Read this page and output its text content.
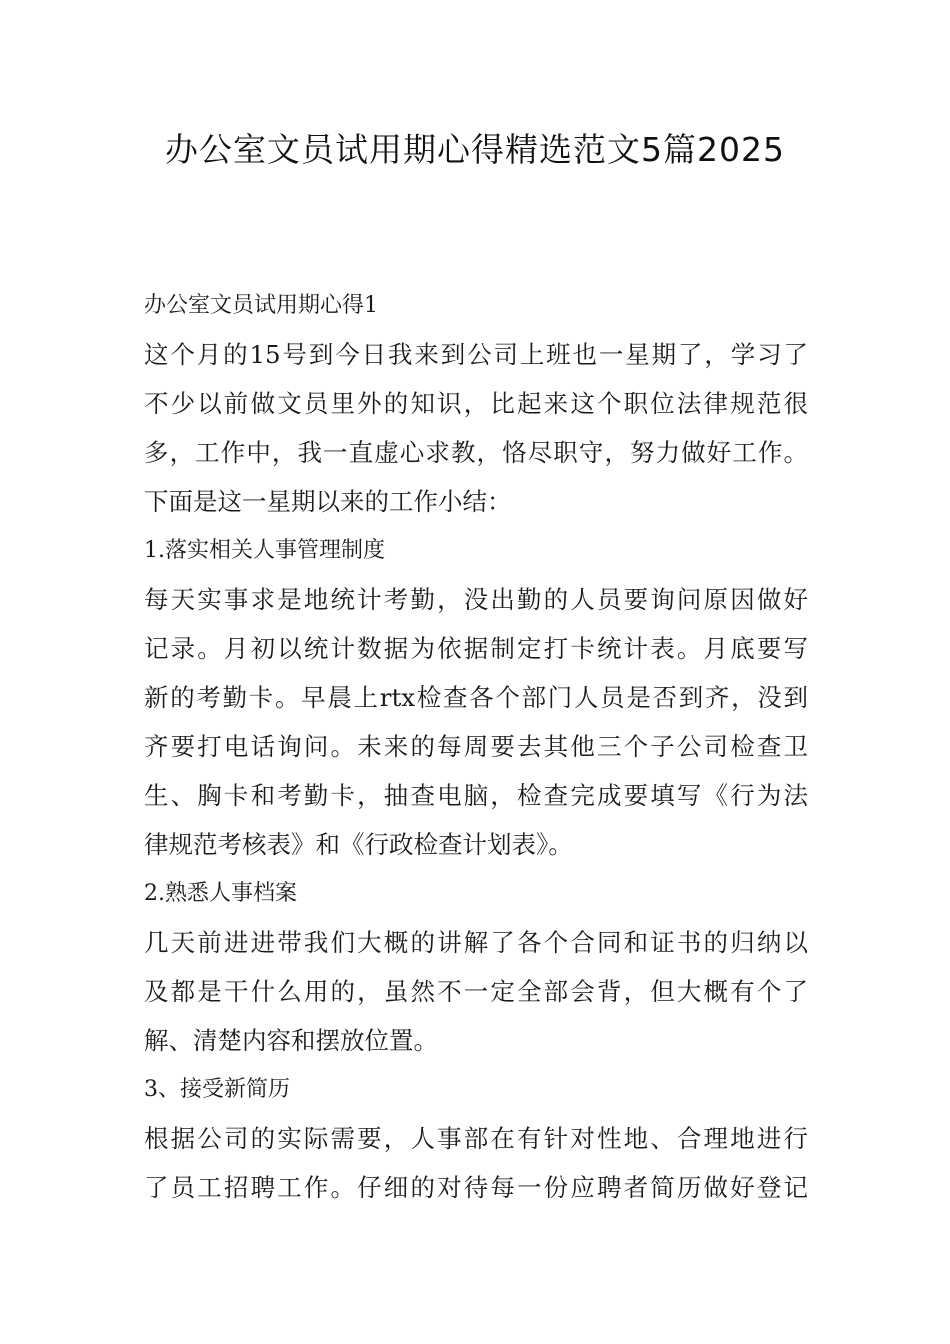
办公室文员试用期心得精选范文5篇2025
办公室文员试用期心得1
这个月的15号到今日我来到公司上班也一星期了，学习了
不少以前做文员里外的知识，比起来这个职位法律规范很
多，工作中，我一直虚心求教，恪尽职守，努力做好工作。
下面是这一星期以来的工作小结：
1.落实相关人事管理制度
每天实事求是地统计考勤，没出勤的人员要询问原因做好
记录。月初以统计数据为依据制定打卡统计表。月底要写
新的考勤卡。早晨上rtx检查各个部门人员是否到齐，没到
齐要打电话询问。未来的每周要去其他三个子公司检查卫
生、胸卡和考勤卡，抽查电脑，检查完成要填写《行为法
律规范考核表》和《行政检查计划表》。
2.熟悉人事档案
几天前进进带我们大概的讲解了各个合同和证书的归纳以
及都是干什么用的，虽然不一定全部会背，但大概有个了
解、清楚内容和摆放位置。
3、接受新简历
根据公司的实际需要，人事部在有针对性地、合理地进行
了员工招聘工作。仔细的对待每一份应聘者简历做好登记
